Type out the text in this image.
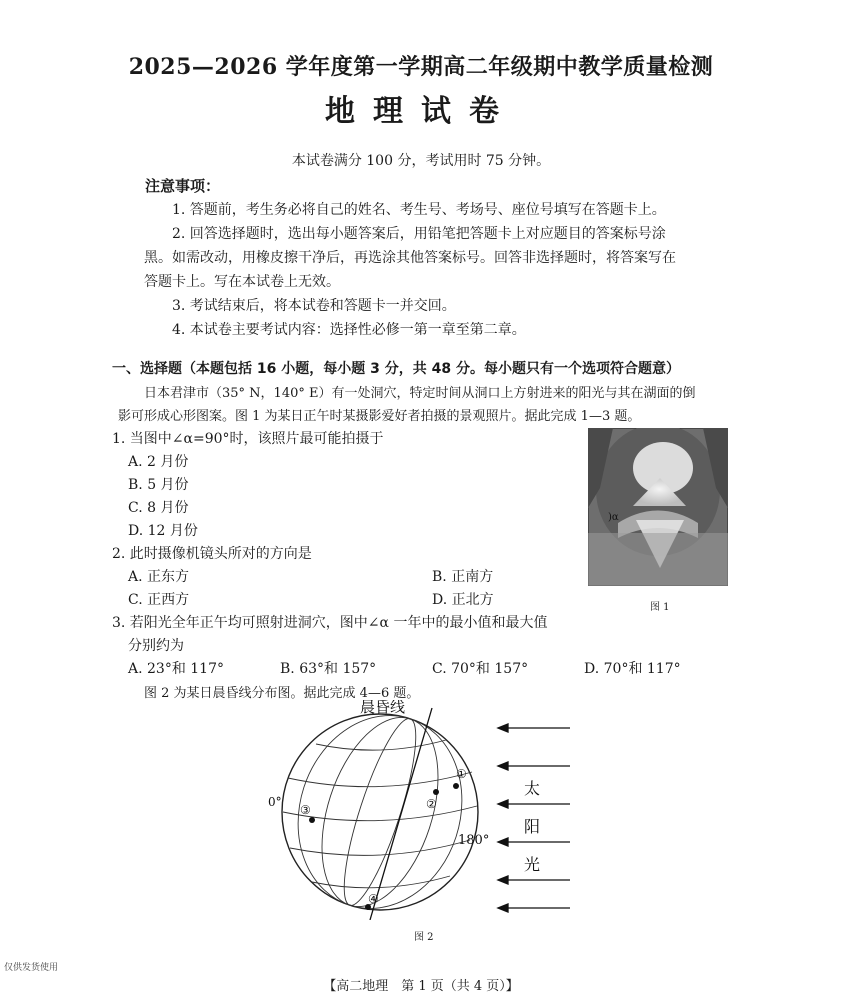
2025—2026 学年度第一学期高二年级期中教学质量检测
地理试卷
本试卷满分 100 分，考试用时 75 分钟。
注意事项：
1. 答题前，考生务必将自己的姓名、考生号、考场号、座位号填写在答题卡上。
2. 回答选择题时，选出每小题答案后，用铅笔把答题卡上对应题目的答案标号涂
黑。如需改动，用橡皮擦干净后，再选涂其他答案标号。回答非选择题时，将答案写在
答题卡上。写在本试卷上无效。
3. 考试结束后，将本试卷和答题卡一并交回。
4. 本试卷主要考试内容：选择性必修一第一章至第二章。
一、选择题（本题包括 16 小题，每小题 3 分，共 48 分。每小题只有一个选项符合题意）
日本君津市（35° N，140° E）有一处洞穴，特定时间从洞口上方射进来的阳光与其在湖面的倒
影可形成心形图案。图 1 为某日正午时某摄影爱好者拍摄的景观照片。据此完成 1—3 题。
1. 当图中∠α=90°时，该照片最可能拍摄于
A. 2 月份
B. 5 月份
C. 8 月份
D. 12 月份
2. 此时摄像机镜头所对的方向是
A. 正东方	B. 正南方
C. 正西方	D. 正北方
3. 若阳光全年正午均可照射进洞穴，图中∠α 一年中的最小值和最大值
分别约为
A. 23°和 117°	B. 63°和 157°	C. 70°和 157°	D. 70°和 117°
图 2 为某日晨昏线分布图。据此完成 4—6 题。
)α
图 1
晨昏线
0°
180°
①
②
③
④
太
阳
光
图 2
仅供发货使用
【高二地理　第 1 页（共 4 页）】
